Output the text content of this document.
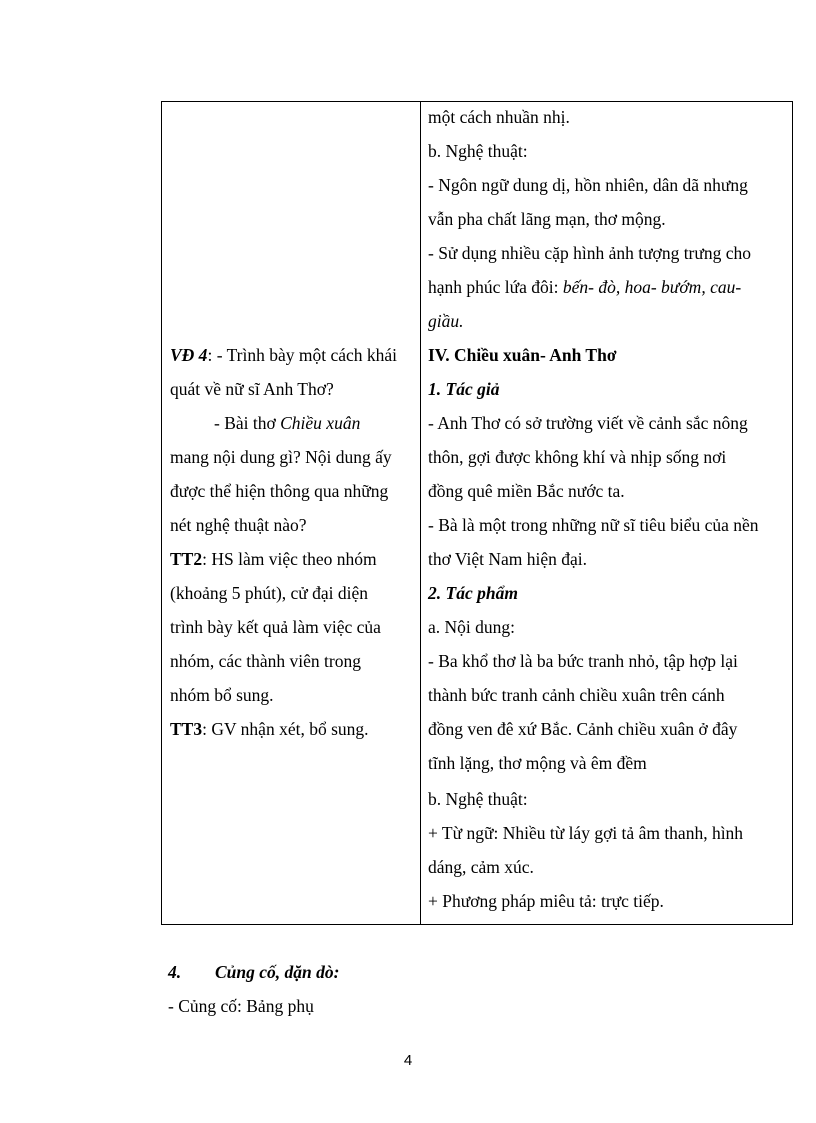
một cách nhuần nhị.
b. Nghệ thuật:
- Ngôn ngữ dung dị, hồn nhiên, dân dã nhưng
vẫn pha chất lãng mạn, thơ mộng.
- Sử dụng nhiều cặp hình ảnh tượng trưng cho
hạnh phúc lứa đôi: bến- đò, hoa- bướm, cau-
giầu.
IV. Chiều xuân- Anh Thơ
1. Tác giả
- Anh Thơ có sở trường viết về cảnh sắc nông
thôn, gợi được không khí và nhịp sống nơi
đồng quê miền Bắc nước ta.
- Bà là một trong những nữ sĩ tiêu biểu của nền
thơ Việt Nam hiện đại.
2. Tác phẩm
a. Nội dung:
- Ba khổ thơ là ba bức tranh nhỏ, tập hợp lại
thành bức tranh cảnh chiều xuân trên cánh
đồng ven đê xứ Bắc. Cảnh chiều xuân ở đây
tĩnh lặng, thơ mộng và êm đềm
b. Nghệ thuật:
+ Từ ngữ: Nhiều từ láy gợi tả âm thanh, hình
dáng, cảm xúc.
+ Phương pháp miêu tả: trực tiếp.
VĐ 4: - Trình bày một cách khái
quát về nữ sĩ Anh Thơ?
- Bài thơ Chiều xuân
mang nội dung gì? Nội dung ấy
được thể hiện thông qua những
nét nghệ thuật nào?
TT2: HS làm việc theo nhóm
(khoảng 5 phút), cử đại diện
trình bày kết quả làm việc của
nhóm, các thành viên trong
nhóm bổ sung.
TT3: GV nhận xét, bổ sung.
4. Củng cố, dặn dò:
- Củng cố: Bảng phụ
4
